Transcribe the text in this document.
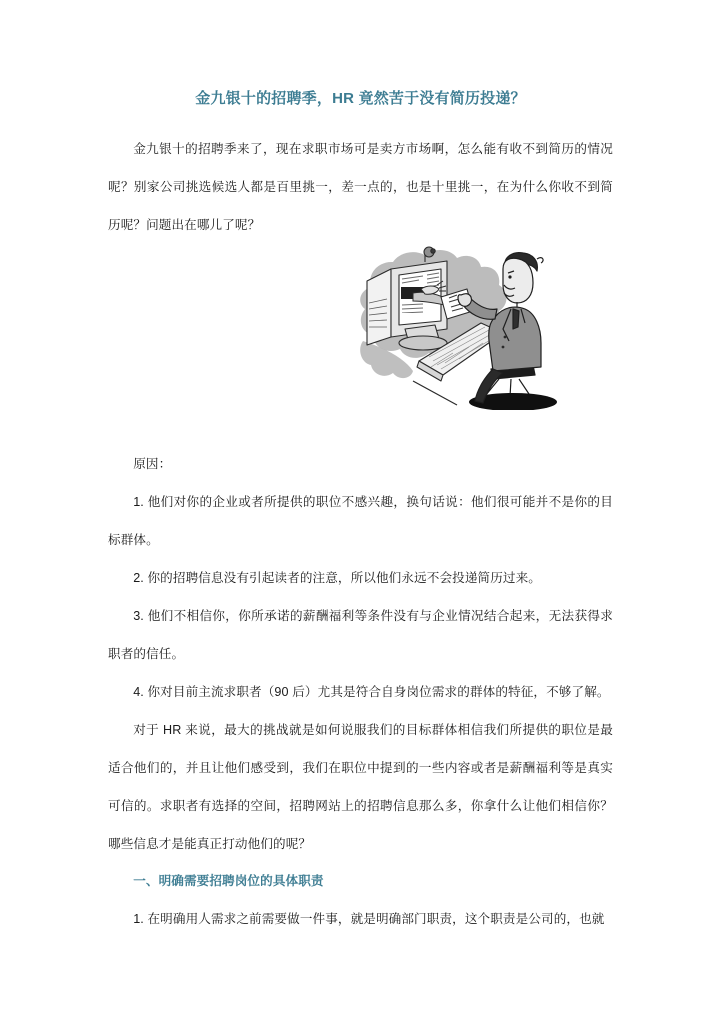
金九银十的招聘季，HR 竟然苦于没有简历投递？

金九银十的招聘季来了，现在求职市场可是卖方市场啊，怎么能有收不到简历的情况呢？别家公司挑选候选人都是百里挑一，差一点的，也是十里挑一，在为什么你收不到简历呢？问题出在哪儿了呢？

原因：

1. 他们对你的企业或者所提供的职位不感兴趣，换句话说：他们很可能并不是你的目标群体。

2. 你的招聘信息没有引起读者的注意，所以他们永远不会投递简历过来。

3. 他们不相信你，你所承诺的薪酬福利等条件没有与企业情况结合起来，无法获得求职者的信任。

4. 你对目前主流求职者（90 后）尤其是符合自身岗位需求的群体的特征，不够了解。

对于 HR 来说，最大的挑战就是如何说服我们的目标群体相信我们所提供的职位是最适合他们的，并且让他们感受到，我们在职位中提到的一些内容或者是薪酬福利等是真实可信的。求职者有选择的空间，招聘网站上的招聘信息那么多，你拿什么让他们相信你？哪些信息才是能真正打动他们的呢？

一、明确需要招聘岗位的具体职责

1. 在明确用人需求之前需要做一件事，就是明确部门职责，这个职责是公司的，也就
